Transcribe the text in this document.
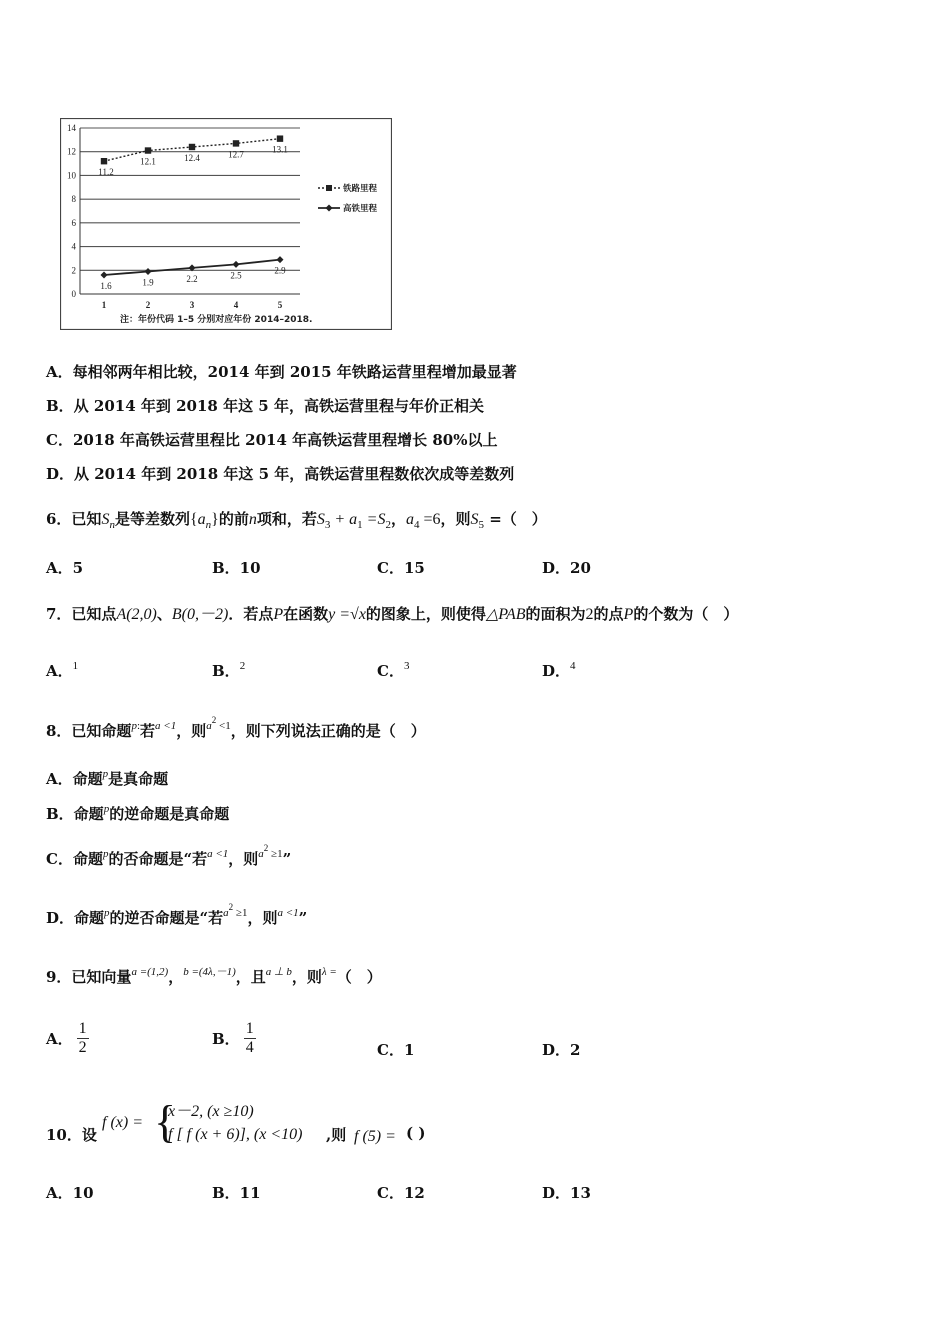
0
2
4
6
8
10
12
14
1	2	3	4	5
11.2
12.1	12.4	12.7	13.1
1.6	1.9	2.2	2.5	2.9
铁路里程
高铁里程
注：年份代码 1–5 分别对应年份 2014–2018.
A．每相邻两年相比较，2014 年到 2015 年铁路运营里程增加最显著
B．从 2014 年到 2018 年这 5 年，高铁运营里程与年价正相关
C．2018 年高铁运营里程比 2014 年高铁运营里程增长 80%以上
D．从 2014 年到 2018 年这 5 年，高铁运营里程数依次成等差数列
6．已知$S_n$是等差数列$\{a_n\}$的前n项和，若$S_3 + a_1 =S_2$，$a_4 =6$，则$S_5$ =（　）
A．5	B．10	C．15	D．20
7．已知点A(2,0)、B(0,－2)．若点P在函数y =√x的图象上，则使得△PAB的面积为2的点P的个数为（　）
A．$^1$	B．$^2$	C．$^3$	D．$^4$
8．已知命题$^{p:}$若$^{a <1}$，则$^{a2}$ $^{<1}$，则下列说法正确的是（　）
A．命题$^p$是真命题
B．命题$^p$的逆命题是真命题
C．命题$^p$的否命题是“若$^{a <1}$，则$^{a2}$ $^{\ge 1}$”
D．命题$^p$的逆否命题是“若$^{a2}$ $^{\ge 1}$，则$^{a <1}$”
9．已知向量$^{a =(1,2)}$，$^{b =(4\lambda,-1)}$，且$^{a \perp b}$，则$^{\lambda =}$（　）
A． $\frac{1}{2}$	B． $\frac{1}{4}$	C．1	D．2
10．设
f (x) = {
x－2, (x ≥10)
f [ f (x + 6)], (x <10) ,则 f (5) = ( )
A．10	B．11	C．12	D．13
